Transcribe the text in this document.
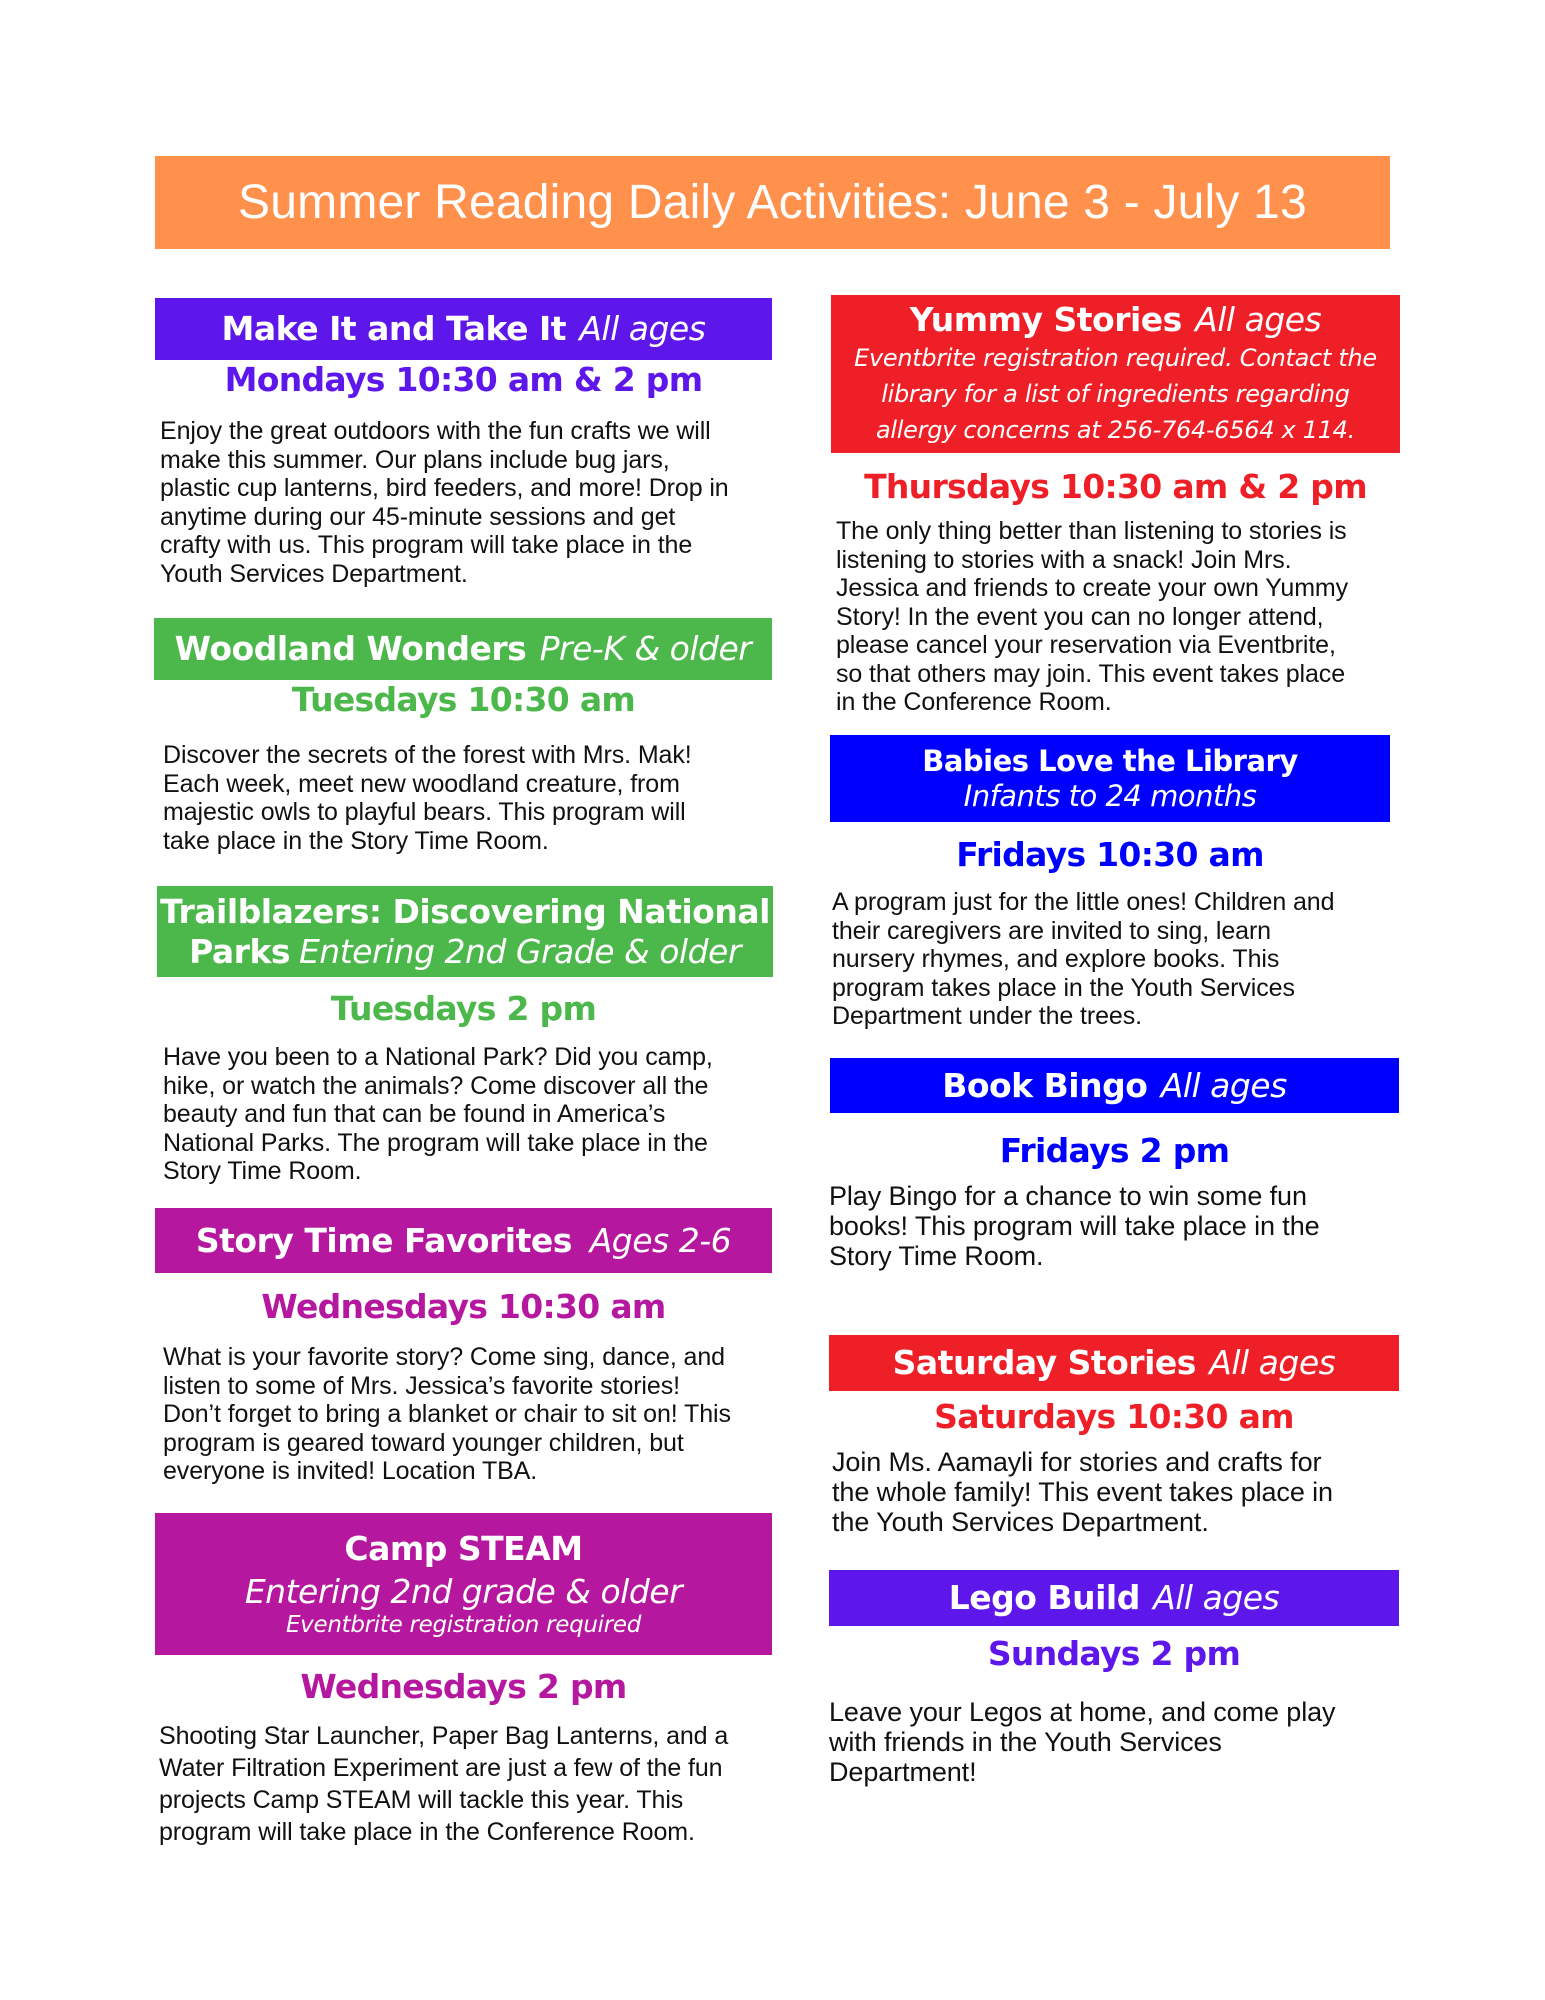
Summer Reading Daily Activities: June 3 - July 13
Make It and Take It All ages
Mondays 10:30 am & 2 pm
Enjoy the great outdoors with the fun crafts we will
make this summer. Our plans include bug jars,
plastic cup lanterns, bird feeders, and more! Drop in
anytime during our 45-minute sessions and get
crafty with us. This program will take place in the
Youth Services Department.
Woodland Wonders Pre-K & older
Tuesdays 10:30 am
Discover the secrets of the forest with Mrs. Mak!
Each week, meet new woodland creature, from
majestic owls to playful bears. This program will
take place in the Story Time Room.
Trailblazers: Discovering National
Parks Entering 2nd Grade & older
Tuesdays 2 pm
Have you been to a National Park? Did you camp,
hike, or watch the animals? Come discover all the
beauty and fun that can be found in America’s
National Parks. The program will take place in the
Story Time Room.
Story Time Favorites Ages 2-6
Wednesdays 10:30 am
What is your favorite story? Come sing, dance, and
listen to some of Mrs. Jessica’s favorite stories!
Don’t forget to bring a blanket or chair to sit on! This
program is geared toward younger children, but
everyone is invited! Location TBA.
Camp STEAM
Entering 2nd grade & older
Eventbrite registration required
Wednesdays 2 pm
Shooting Star Launcher, Paper Bag Lanterns, and a
Water Filtration Experiment are just a few of the fun
projects Camp STEAM will tackle this year. This
program will take place in the Conference Room.
Yummy Stories All ages
Eventbrite registration required. Contact the
library for a list of ingredients regarding
allergy concerns at 256-764-6564 x 114.
Thursdays 10:30 am & 2 pm
The only thing better than listening to stories is
listening to stories with a snack! Join Mrs.
Jessica and friends to create your own Yummy
Story! In the event you can no longer attend,
please cancel your reservation via Eventbrite,
so that others may join. This event takes place
in the Conference Room.
Babies Love the Library
Infants to 24 months
Fridays 10:30 am
A program just for the little ones! Children and
their caregivers are invited to sing, learn
nursery rhymes, and explore books. This
program takes place in the Youth Services
Department under the trees.
Book Bingo All ages
Fridays 2 pm
Play Bingo for a chance to win some fun
books! This program will take place in the
Story Time Room.
Saturday Stories All ages
Saturdays 10:30 am
Join Ms. Aamayli for stories and crafts for
the whole family! This event takes place in
the Youth Services Department.
Lego Build All ages
Sundays 2 pm
Leave your Legos at home, and come play
with friends in the Youth Services
Department!
